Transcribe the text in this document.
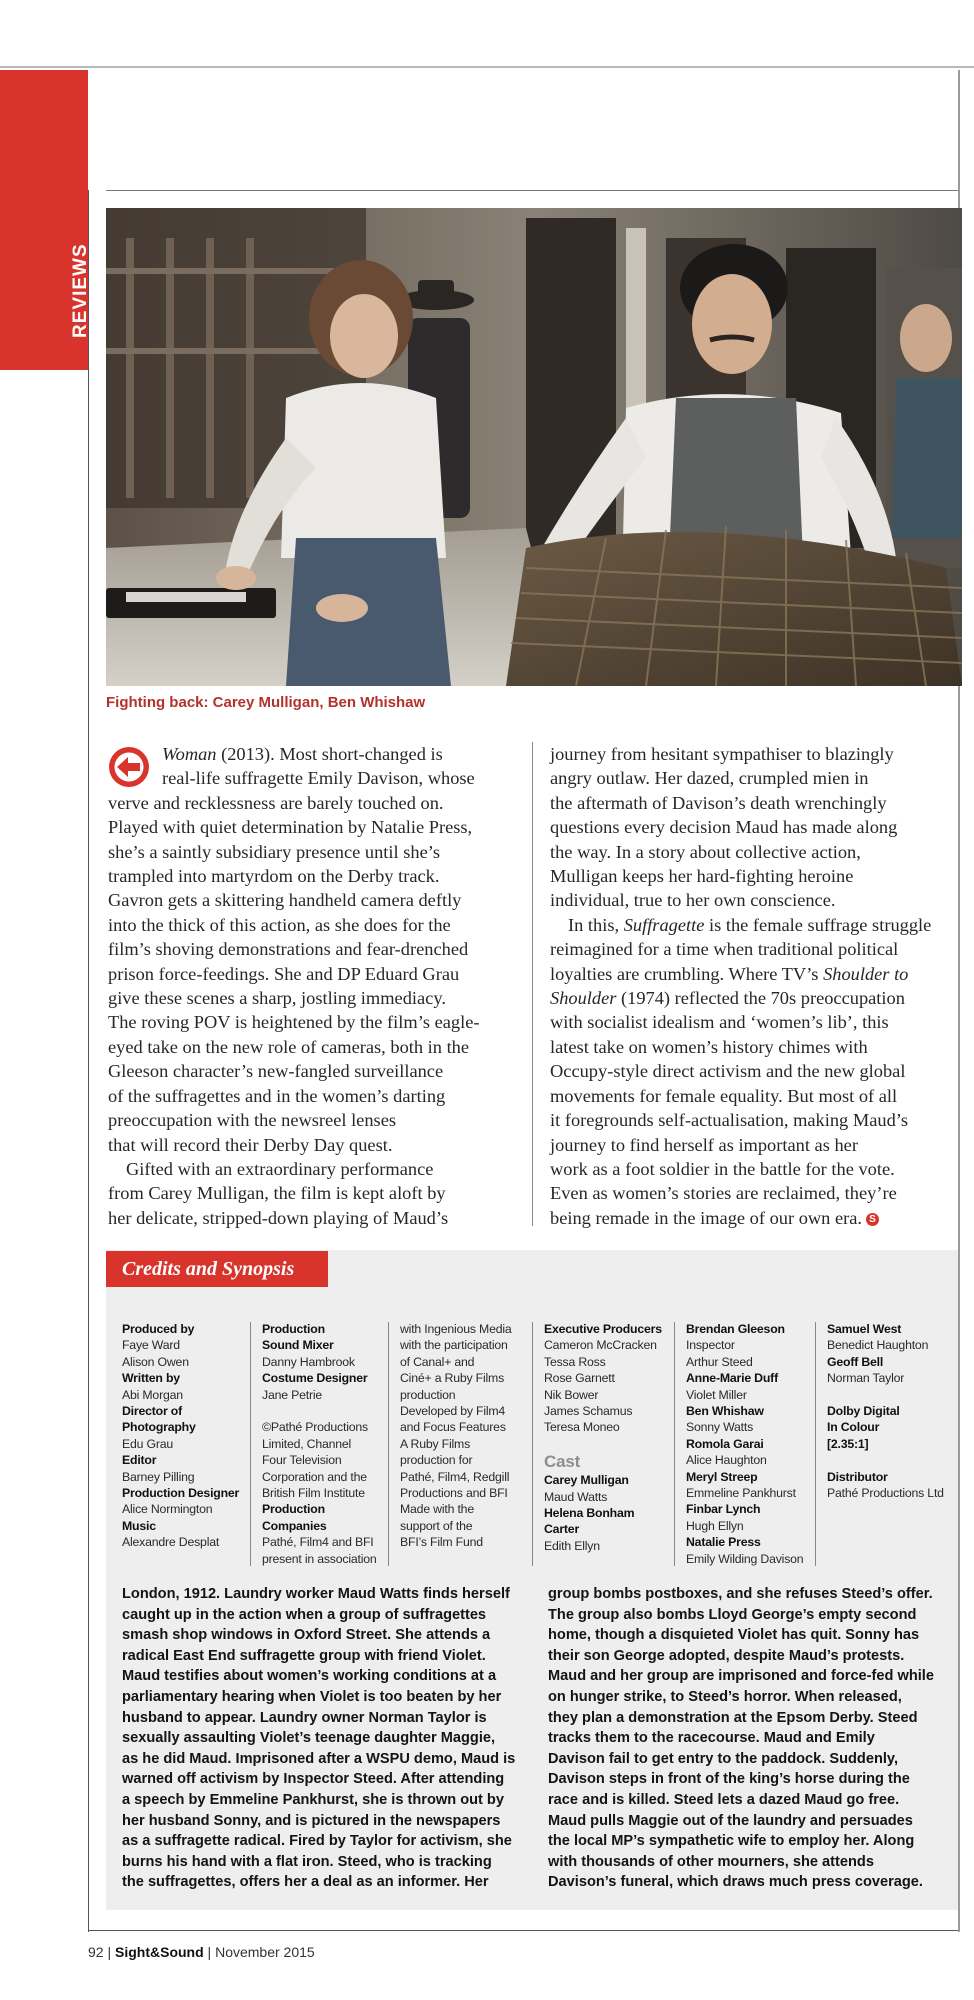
REVIEWS
Fighting back: Carey Mulligan, Ben Whishaw
Woman (2013). Most short-changed is
real-life suffragette Emily Davison, whose
verve and recklessness are barely touched on.
Played with quiet determination by Natalie Press,
she’s a saintly subsidiary presence until she’s
trampled into martyrdom on the Derby track.
Gavron gets a skittering handheld camera deftly
into the thick of this action, as she does for the
film’s shoving demonstrations and fear-drenched
prison force-feedings. She and DP Eduard Grau
give these scenes a sharp, jostling immediacy.
The roving POV is heightened by the film’s eagle-
eyed take on the new role of cameras, both in the
Gleeson character’s new-fangled surveillance
of the suffragettes and in the women’s darting
preoccupation with the newsreel lenses
that will record their Derby Day quest.
Gifted with an extraordinary performance
from Carey Mulligan, the film is kept aloft by
her delicate, stripped-down playing of Maud’s
journey from hesitant sympathiser to blazingly
angry outlaw. Her dazed, crumpled mien in
the aftermath of Davison’s death wrenchingly
questions every decision Maud has made along
the way. In a story about collective action,
Mulligan keeps her hard-fighting heroine
individual, true to her own conscience.
In this, Suffragette is the female suffrage struggle
reimagined for a time when traditional political
loyalties are crumbling. Where TV’s Shoulder to
Shoulder (1974) reflected the 70s preoccupation
with socialist idealism and ‘women’s lib’, this
latest take on women’s history chimes with
Occupy-style direct activism and the new global
movements for female equality. But most of all
it foregrounds self-actualisation, making Maud’s
journey to find herself as important as her
work as a foot soldier in the battle for the vote.
Even as women’s stories are reclaimed, they’re
being remade in the image of our own era. S
Credits and Synopsis
Produced by
Faye Ward
Alison Owen
Written by
Abi Morgan
Director of
Photography
Edu Grau
Editor
Barney Pilling
Production Designer
Alice Normington
Music
Alexandre Desplat
Production
Sound Mixer
Danny Hambrook
Costume Designer
Jane Petrie
©Pathé Productions
Limited, Channel
Four Television
Corporation and the
British Film Institute
Production
Companies
Pathé, Film4 and BFI
present in association
with Ingenious Media
with the participation
of Canal+ and
Ciné+ a Ruby Films
production
Developed by Film4
and Focus Features
A Ruby Films
production for
Pathé, Film4, Redgill
Productions and BFI
Made with the
support of the
BFI’s Film Fund
Executive Producers
Cameron McCracken
Tessa Ross
Rose Garnett
Nik Bower
James Schamus
Teresa Moneo
Cast
Carey Mulligan
Maud Watts
Helena Bonham
Carter
Edith Ellyn
Brendan Gleeson
Inspector
Arthur Steed
Anne-Marie Duff
Violet Miller
Ben Whishaw
Sonny Watts
Romola Garai
Alice Haughton
Meryl Streep
Emmeline Pankhurst
Finbar Lynch
Hugh Ellyn
Natalie Press
Emily Wilding Davison
Samuel West
Benedict Haughton
Geoff Bell
Norman Taylor
Dolby Digital
In Colour
[2.35:1]
Distributor
Pathé Productions Ltd
London, 1912. Laundry worker Maud Watts finds herself
caught up in the action when a group of suffragettes
smash shop windows in Oxford Street. She attends a
radical East End suffragette group with friend Violet.
Maud testifies about women’s working conditions at a
parliamentary hearing when Violet is too beaten by her
husband to appear. Laundry owner Norman Taylor is
sexually assaulting Violet’s teenage daughter Maggie,
as he did Maud. Imprisoned after a WSPU demo, Maud is
warned off activism by Inspector Steed. After attending
a speech by Emmeline Pankhurst, she is thrown out by
her husband Sonny, and is pictured in the newspapers
as a suffragette radical. Fired by Taylor for activism, she
burns his hand with a flat iron. Steed, who is tracking
the suffragettes, offers her a deal as an informer. Her
group bombs postboxes, and she refuses Steed’s offer.
The group also bombs Lloyd George’s empty second
home, though a disquieted Violet has quit. Sonny has
their son George adopted, despite Maud’s protests.
Maud and her group are imprisoned and force-fed while
on hunger strike, to Steed’s horror. When released,
they plan a demonstration at the Epsom Derby. Steed
tracks them to the racecourse. Maud and Emily
Davison fail to get entry to the paddock. Suddenly,
Davison steps in front of the king’s horse during the
race and is killed. Steed lets a dazed Maud go free.
Maud pulls Maggie out of the laundry and persuades
the local MP’s sympathetic wife to employ her. Along
with thousands of other mourners, she attends
Davison’s funeral, which draws much press coverage.
92 | Sight&Sound | November 2015
